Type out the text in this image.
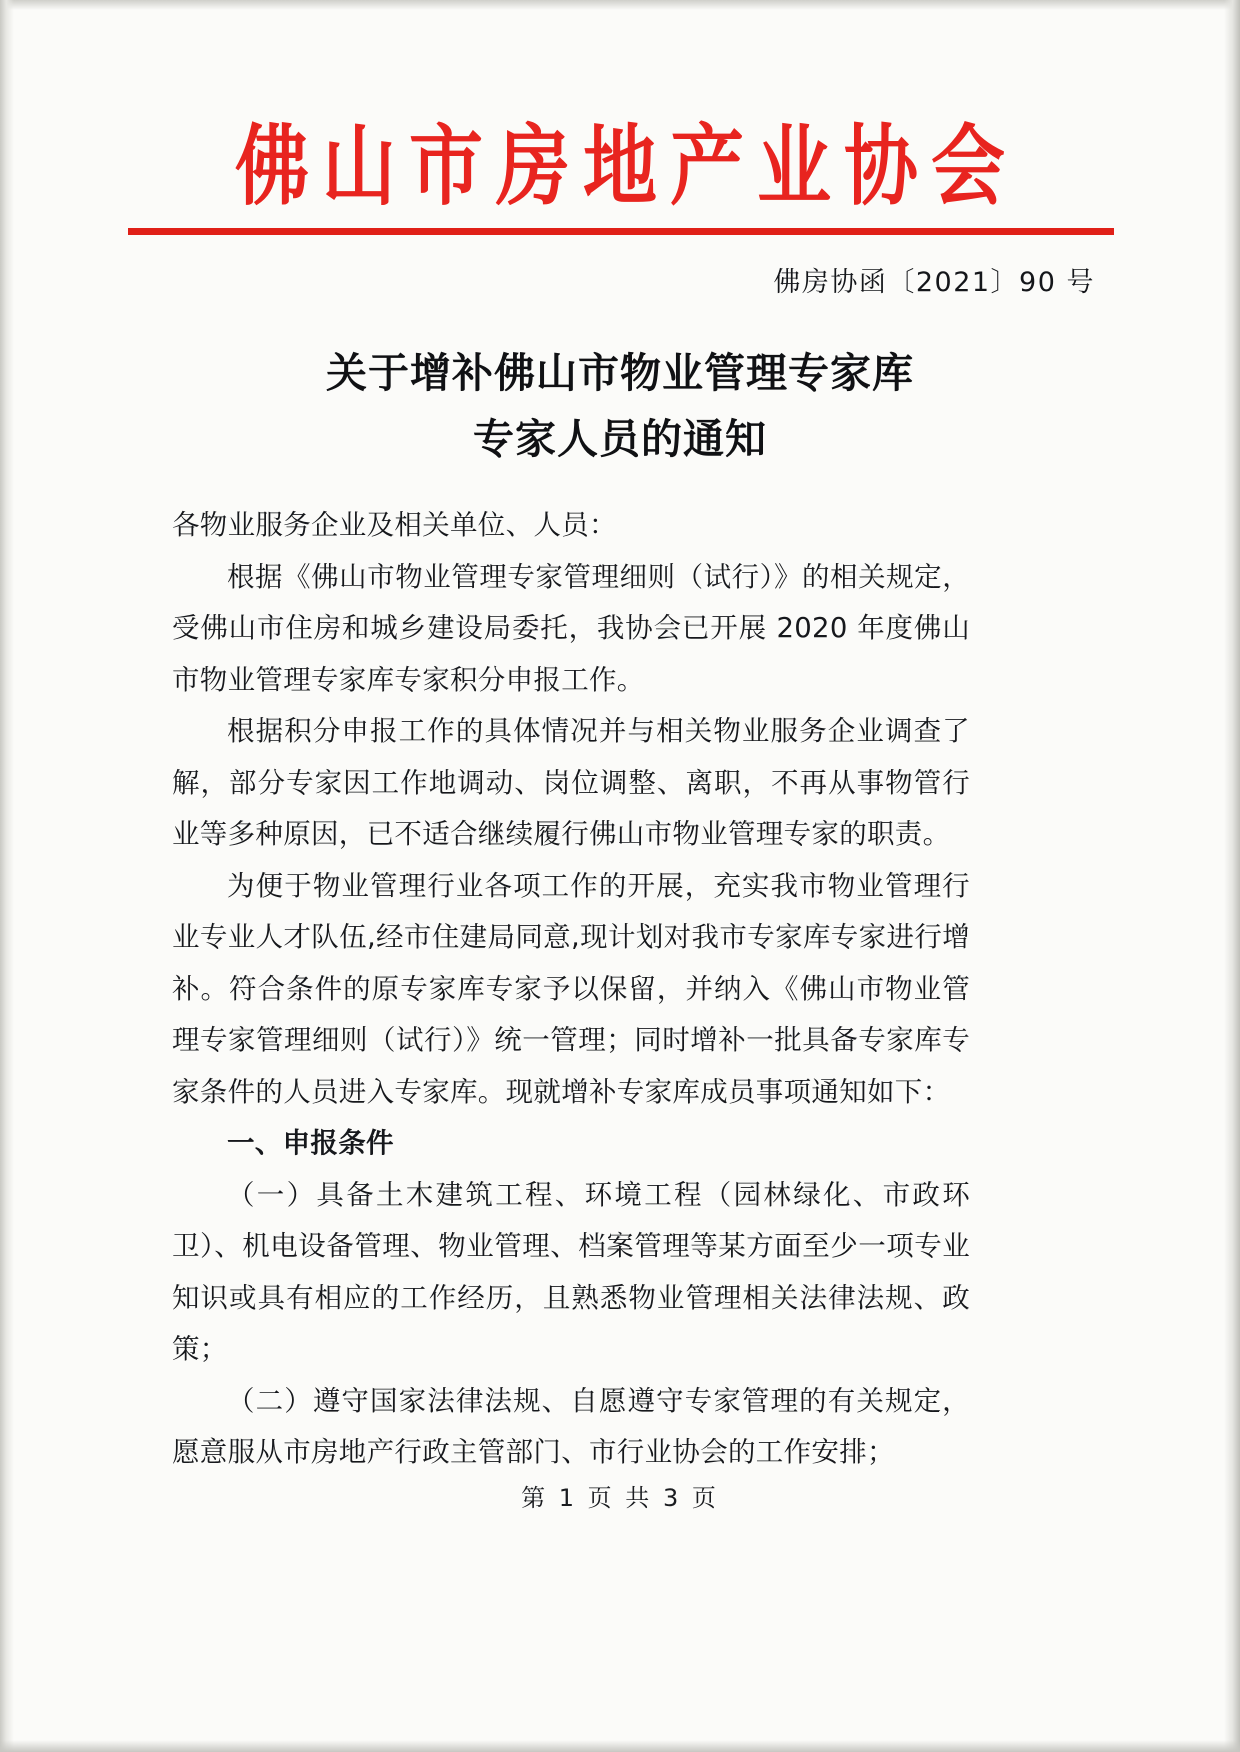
佛山市房地产业协会
佛房协函〔2021〕90 号
关于增补佛山市物业管理专家库
专家人员的通知

各物业服务企业及相关单位、人员：

根据《佛山市物业管理专家管理细则（试行）》的相关规定，受佛山市住房和城乡建设局委托，我协会已开展 2020 年度佛山市物业管理专家库专家积分申报工作。

根据积分申报工作的具体情况并与相关物业服务企业调查了解，部分专家因工作地调动、岗位调整、离职，不再从事物管行业等多种原因，已不适合继续履行佛山市物业管理专家的职责。

为便于物业管理行业各项工作的开展，充实我市物业管理行业专业人才队伍,经市住建局同意,现计划对我市专家库专家进行增补。符合条件的原专家库专家予以保留，并纳入《佛山市物业管理专家管理细则（试行）》统一管理；同时增补一批具备专家库专家条件的人员进入专家库。现就增补专家库成员事项通知如下：

一、申报条件

（一）具备土木建筑工程、环境工程（园林绿化、市政环卫）、机电设备管理、物业管理、档案管理等某方面至少一项专业知识或具有相应的工作经历，且熟悉物业管理相关法律法规、政策；

（二）遵守国家法律法规、自愿遵守专家管理的有关规定，愿意服从市房地产行政主管部门、市行业协会的工作安排；

第 1 页 共 3 页
